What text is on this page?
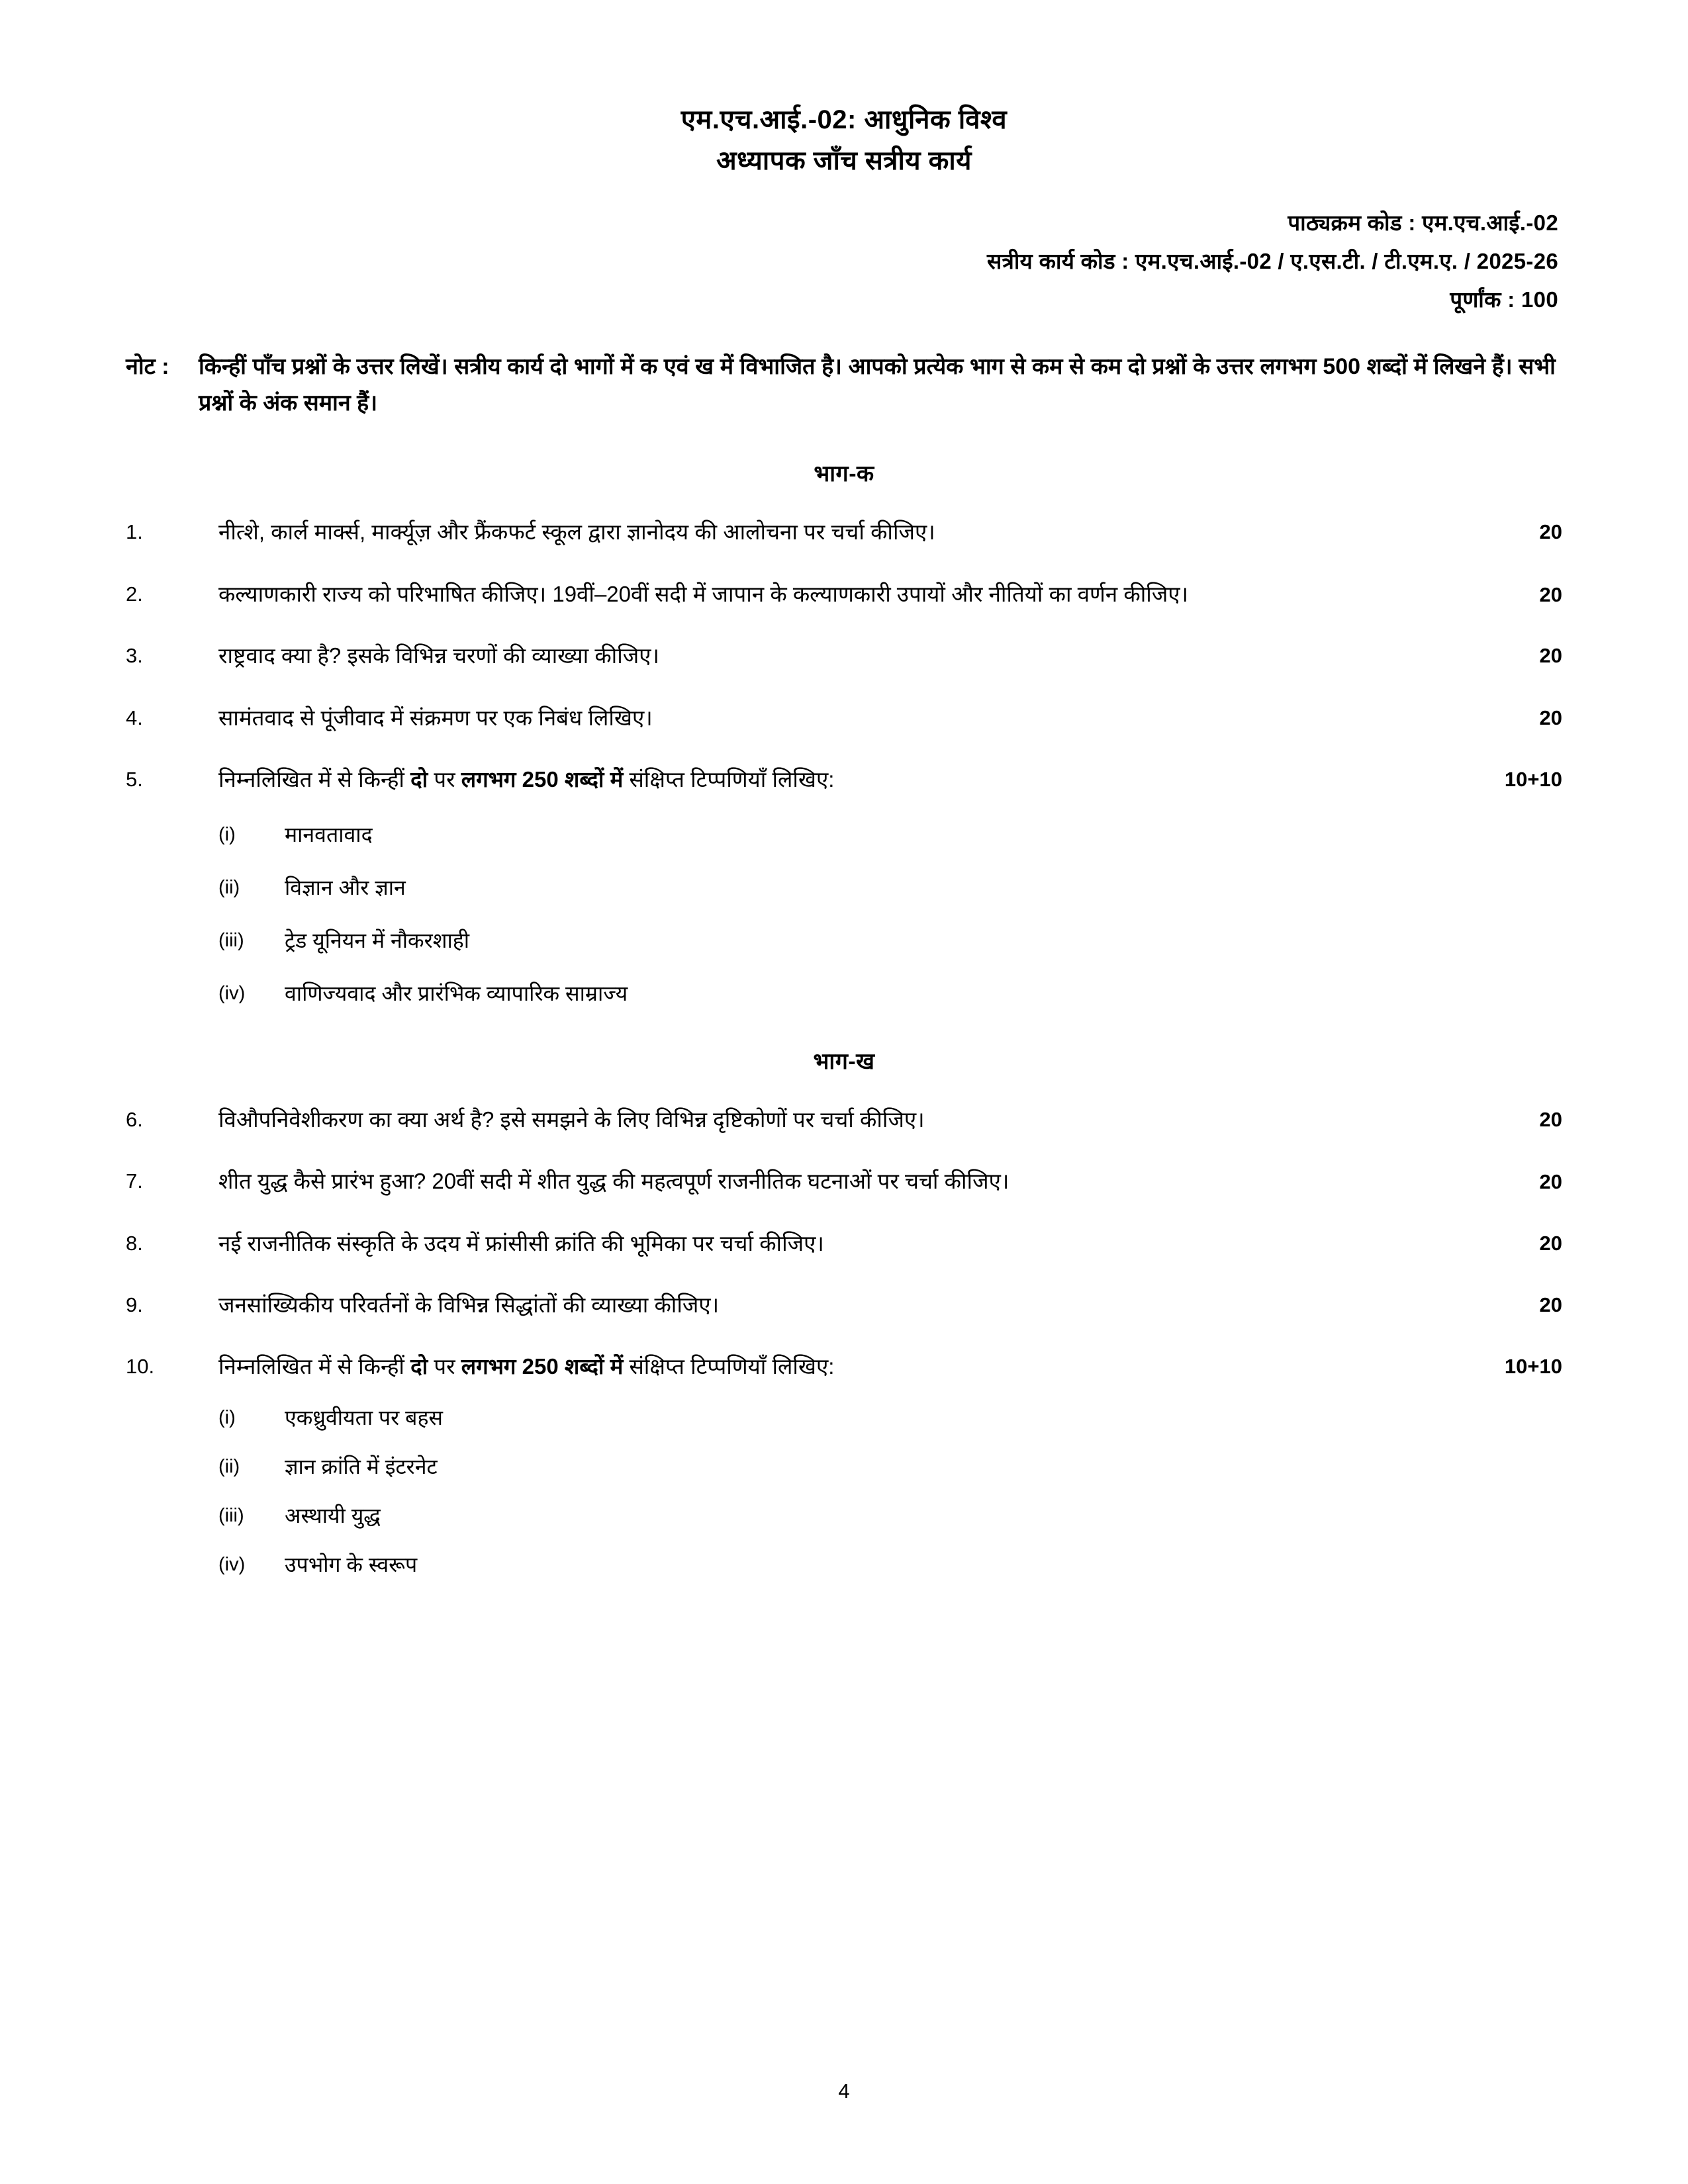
एम.एच.आई.-02: आधुनिक विश्व
अध्यापक जाँच सत्रीय कार्य
पाठ्यक्रम कोड : एम.एच.आई.-02
सत्रीय कार्य कोड : एम.एच.आई.-02 / ए.एस.टी. / टी.एम.ए. / 2025-26
पूर्णांक : 100
नोट :	किन्हीं पाँच प्रश्नों के उत्तर लिखें। सत्रीय कार्य दो भागों में क एवं ख में विभाजित है। आपको प्रत्येक भाग से कम से कम दो प्रश्नों के उत्तर लगभग 500 शब्दों में लिखने हैं। सभी प्रश्नों के अंक समान हैं।
भाग-क
1.	नीत्शे, कार्ल मार्क्स, मार्क्यूज़ और फ्रैंकफर्ट स्कूल द्वारा ज्ञानोदय की आलोचना पर चर्चा कीजिए।	20
2.	कल्याणकारी राज्य को परिभाषित कीजिए। 19वीं–20वीं सदी में जापान के कल्याणकारी उपायों और नीतियों का वर्णन कीजिए।	20
3.	राष्ट्रवाद क्या है? इसके विभिन्न चरणों की व्याख्या कीजिए।	20
4.	सामंतवाद से पूंजीवाद में संक्रमण पर एक निबंध लिखिए।	20
5.	निम्नलिखित में से किन्हीं दो पर लगभग 250 शब्दों में संक्षिप्त टिप्पणियाँ लिखिए:	10+10
(i)	मानवतावाद
(ii)	विज्ञान और ज्ञान
(iii)	ट्रेड यूनियन में नौकरशाही
(iv)	वाणिज्यवाद और प्रारंभिक व्यापारिक साम्राज्य
भाग-ख
6.	विऔपनिवेशीकरण का क्या अर्थ है? इसे समझने के लिए विभिन्न दृष्टिकोणों पर चर्चा कीजिए।	20
7.	शीत युद्ध कैसे प्रारंभ हुआ? 20वीं सदी में शीत युद्ध की महत्वपूर्ण राजनीतिक घटनाओं पर चर्चा कीजिए।	20
8.	नई राजनीतिक संस्कृति के उदय में फ्रांसीसी क्रांति की भूमिका पर चर्चा कीजिए।	20
9.	जनसांख्यिकीय परिवर्तनों के विभिन्न सिद्धांतों की व्याख्या कीजिए।	20
10.	निम्नलिखित में से किन्हीं दो पर लगभग 250 शब्दों में संक्षिप्त टिप्पणियाँ लिखिए:	10+10
(i)	एकध्रुवीयता पर बहस
(ii)	ज्ञान क्रांति में इंटरनेट
(iii)	अस्थायी युद्ध
(iv)	उपभोग के स्वरूप
4
